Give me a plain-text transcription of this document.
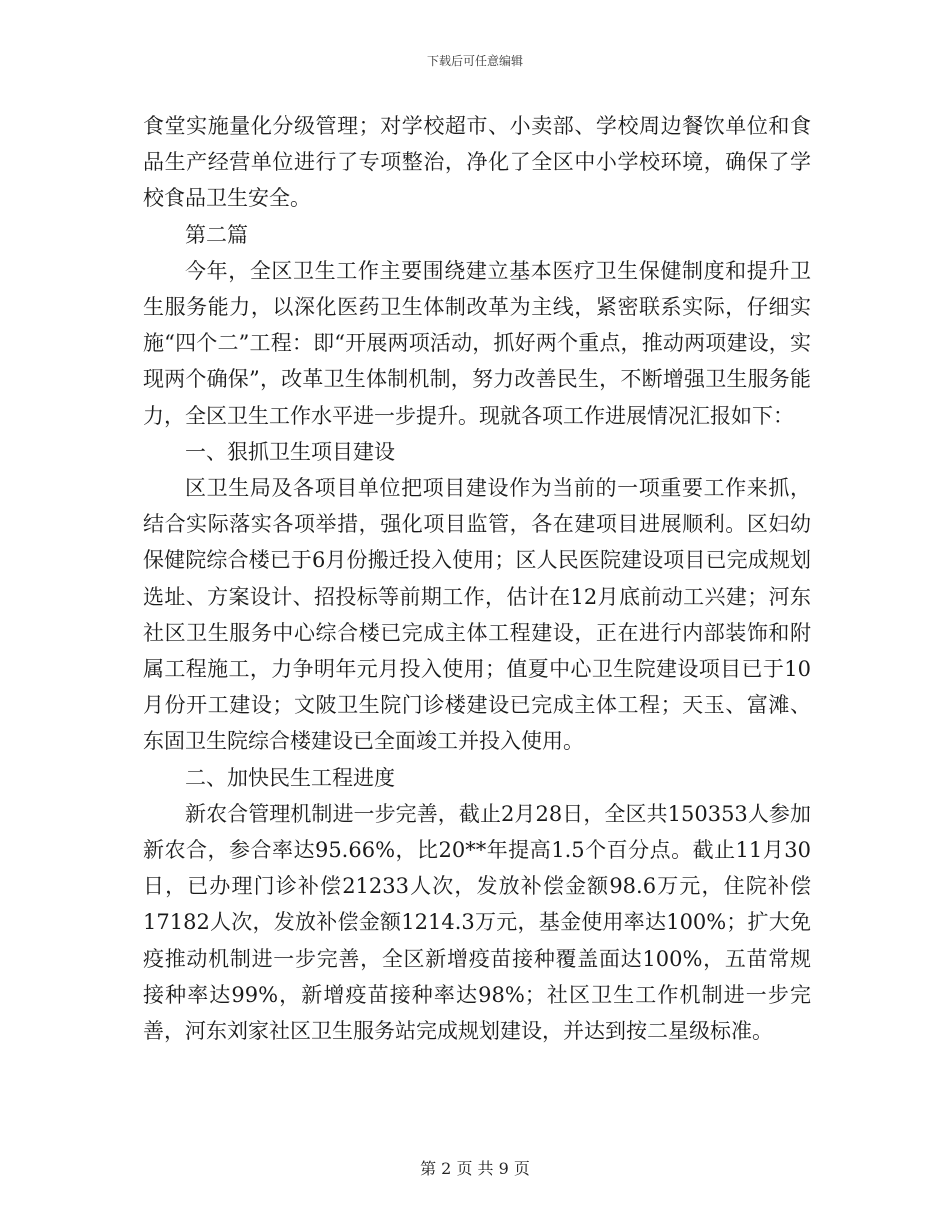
下载后可任意编辑

食堂实施量化分级管理；对学校超市、小卖部、学校周边餐饮单位和食品生产经营单位进行了专项整治，净化了全区中小学校环境，确保了学校食品卫生安全。

第二篇

今年，全区卫生工作主要围绕建立基本医疗卫生保健制度和提升卫生服务能力，以深化医药卫生体制改革为主线，紧密联系实际，仔细实施“四个二”工程：即“开展两项活动，抓好两个重点，推动两项建设，实现两个确保”，改革卫生体制机制，努力改善民生，不断增强卫生服务能力，全区卫生工作水平进一步提升。现就各项工作进展情况汇报如下：

一、狠抓卫生项目建设

区卫生局及各项目单位把项目建设作为当前的一项重要工作来抓，结合实际落实各项举措，强化项目监管，各在建项目进展顺利。区妇幼保健院综合楼已于6月份搬迁投入使用；区人民医院建设项目已完成规划选址、方案设计、招投标等前期工作，估计在12月底前动工兴建；河东社区卫生服务中心综合楼已完成主体工程建设，正在进行内部装饰和附属工程施工，力争明年元月投入使用；值夏中心卫生院建设项目已于10月份开工建设；文陂卫生院门诊楼建设已完成主体工程；天玉、富滩、东固卫生院综合楼建设已全面竣工并投入使用。

二、加快民生工程进度

新农合管理机制进一步完善，截止2月28日，全区共150353人参加新农合，参合率达95.66%，比20**年提高1.5个百分点。截止11月30日，已办理门诊补偿21233人次，发放补偿金额98.6万元，住院补偿17182人次，发放补偿金额1214.3万元，基金使用率达100%；扩大免疫推动机制进一步完善，全区新增疫苗接种覆盖面达100%，五苗常规接种率达99%，新增疫苗接种率达98%；社区卫生工作机制进一步完善，河东刘家社区卫生服务站完成规划建设，并达到按二星级标准。

第 2 页 共 9 页
